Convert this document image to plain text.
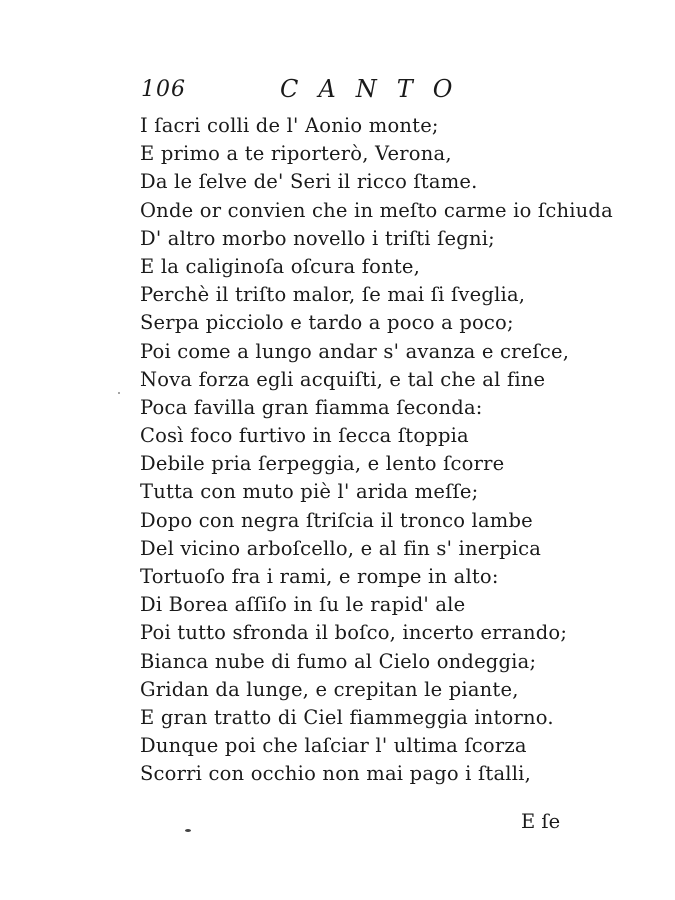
106	CANTO
I ſacri colli de l' Aonio monte;
E primo a te riporterò, Verona,
Da le ſelve de' Seri il ricco ſtame.
Onde or convien che in meſto carme io ſchiuda
D' altro morbo novello i triſti ſegni;
E la caliginoſa oſcura fonte,
Perchè il triſto malor, ſe mai ſi ſveglia,
Serpa picciolo e tardo a poco a poco;
Poi come a lungo andar s' avanza e creſce,
Nova forza egli acquiſti, e tal che al fine
Poca favilla gran fiamma ſeconda:
Così foco furtivo in ſecca ſtoppia
Debile pria ſerpeggia, e lento ſcorre
Tutta con muto piè l' arida meſſe;
Dopo con negra ſtriſcia il tronco lambe
Del vicino arboſcello, e al fin s' inerpica
Tortuoſo fra i rami, e rompe in alto:
Di Borea aſſiſo in ſu le rapid' ale
Poi tutto sfronda il boſco, incerto errando;
Bianca nube di fumo al Cielo ondeggia;
Gridan da lunge, e crepitan le piante,
E gran tratto di Ciel fiammeggia intorno.
Dunque poi che laſciar l' ultima ſcorza
Scorri con occhio non mai pago i ſtalli,
E ſe
